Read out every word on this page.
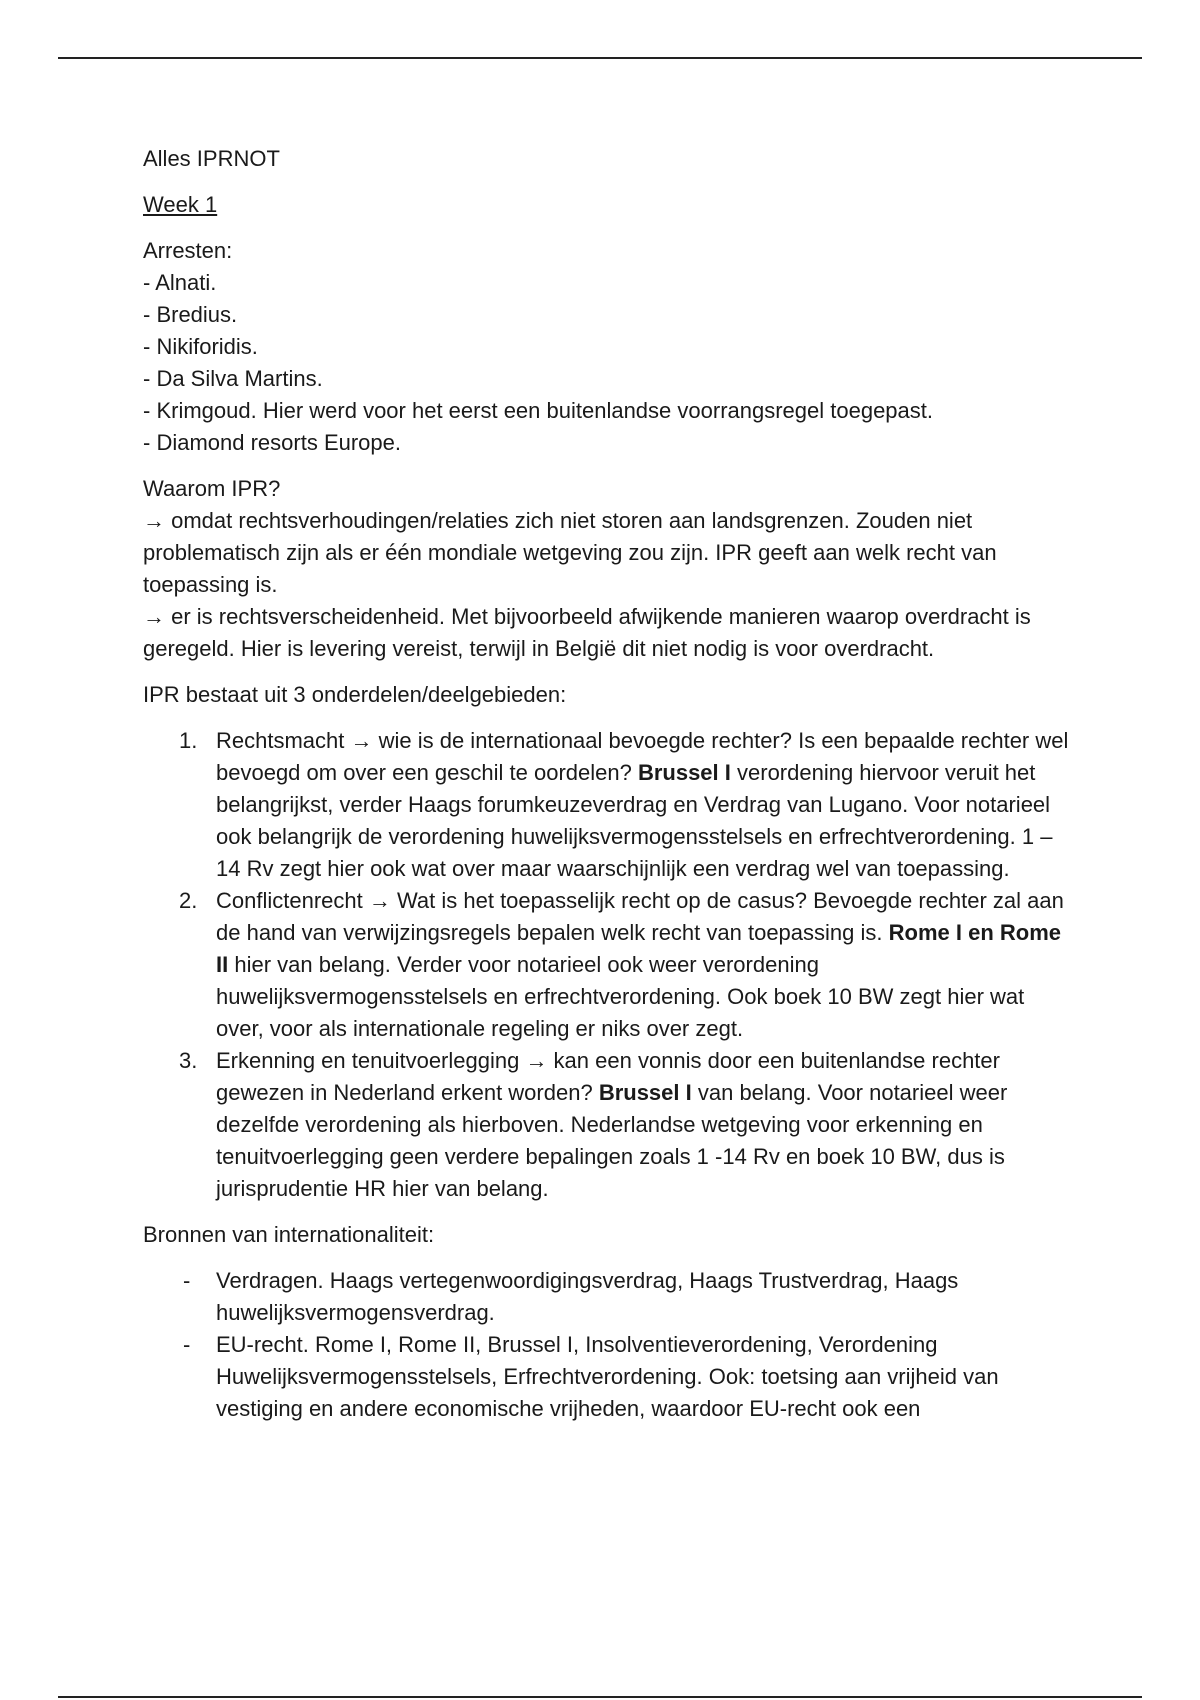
Alles IPRNOT

Week 1

Arresten:

- Alnati.

- Bredius.

- Nikiforidis.

- Da Silva Martins.

- Krimgoud. Hier werd voor het eerst een buitenlandse voorrangsregel toegepast.

- Diamond resorts Europe.

Waarom IPR?

→ omdat rechtsverhoudingen/relaties zich niet storen aan landsgrenzen. Zouden niet problematisch zijn als er één mondiale wetgeving zou zijn. IPR geeft aan welk recht van toepassing is.

→ er is rechtsverscheidenheid. Met bijvoorbeeld afwijkende manieren waarop overdracht is geregeld. Hier is levering vereist, terwijl in België dit niet nodig is voor overdracht.

IPR bestaat uit 3 onderdelen/deelgebieden:

1. Rechtsmacht → wie is de internationaal bevoegde rechter? Is een bepaalde rechter wel bevoegd om over een geschil te oordelen? Brussel I verordening hiervoor veruit het belangrijkst, verder Haags forumkeuzeverdrag en Verdrag van Lugano. Voor notarieel ook belangrijk de verordening huwelijksvermogensstelsels en erfrechtverordening. 1 – 14 Rv zegt hier ook wat over maar waarschijnlijk een verdrag wel van toepassing.
2. Conflictenrecht → Wat is het toepasselijk recht op de casus? Bevoegde rechter zal aan de hand van verwijzingsregels bepalen welk recht van toepassing is. Rome I en Rome II hier van belang. Verder voor notarieel ook weer verordening huwelijksvermogensstelsels en erfrechtverordening. Ook boek 10 BW zegt hier wat over, voor als internationale regeling er niks over zegt.
3. Erkenning en tenuitvoerlegging → kan een vonnis door een buitenlandse rechter gewezen in Nederland erkent worden? Brussel I van belang. Voor notarieel weer dezelfde verordening als hierboven. Nederlandse wetgeving voor erkenning en tenuitvoerlegging geen verdere bepalingen zoals 1 -14 Rv en boek 10 BW, dus is jurisprudentie HR hier van belang.

Bronnen van internationaliteit:

- Verdragen. Haags vertegenwoordigingsverdrag, Haags Trustverdrag, Haags huwelijksvermogensverdrag.
- EU-recht. Rome I, Rome II, Brussel I, Insolventieverordening, Verordening Huwelijksvermogensstelsels, Erfrechtverordening. Ook: toetsing aan vrijheid van vestiging en andere economische vrijheden, waardoor EU-recht ook een
